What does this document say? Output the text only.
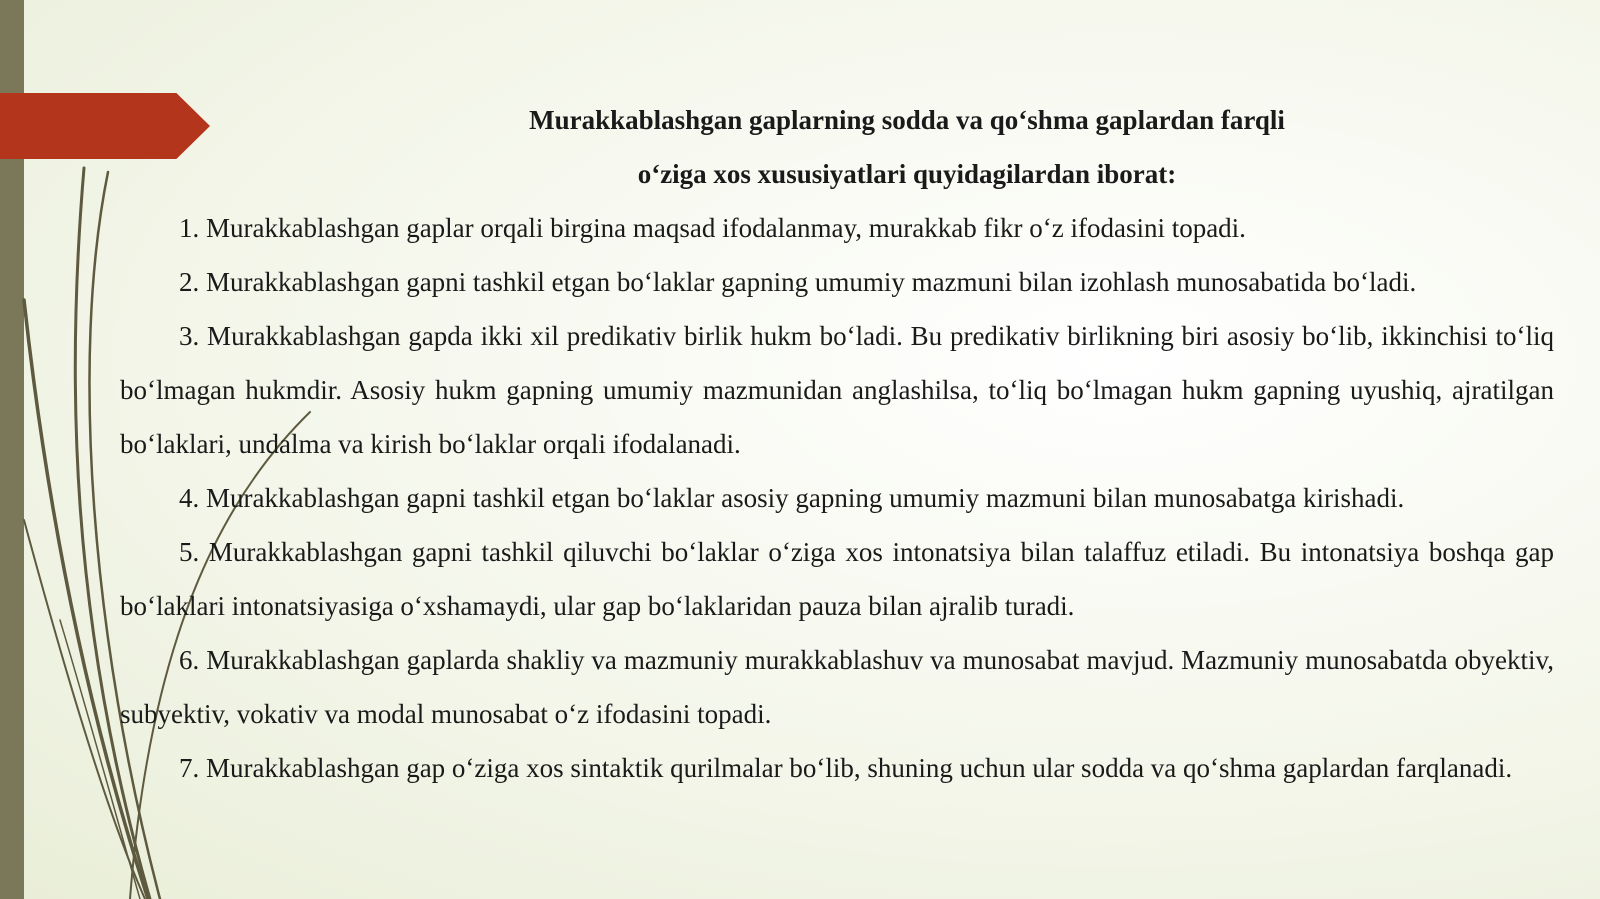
Murakkablashgan gaplarning sodda va qo‘shma gaplardan farqli

o‘ziga xos xususiyatlari quyidagilardan iborat:

1. Murakkablashgan gaplar orqali birgina maqsad ifodalanmay, murakkab fikr o‘z ifodasini topadi.

2. Murakkablashgan gapni tashkil etgan bo‘laklar gapning umumiy mazmuni bilan izohlash munosabatida bo‘ladi.

3. Murakkablashgan gapda ikki xil predikativ birlik hukm bo‘ladi. Bu predikativ birlikning biri asosiy bo‘lib, ikkinchisi to‘liq bo‘lmagan hukmdir. Asosiy hukm gapning umumiy mazmunidan anglashilsa, to‘liq bo‘lmagan hukm gapning uyushiq, ajratilgan bo‘laklari, undalma va kirish bo‘laklar orqali ifodalanadi.

4. Murakkablashgan gapni tashkil etgan bo‘laklar asosiy gapning umumiy mazmuni bilan munosabatga kirishadi.

5. Murakkablashgan gapni tashkil qiluvchi bo‘laklar o‘ziga xos intonatsiya bilan talaffuz etiladi. Bu intonatsiya boshqa gap bo‘laklari intonatsiyasiga o‘xshamaydi, ular gap bo‘laklaridan pauza bilan ajralib turadi.

6. Murakkablashgan gaplarda shakliy va mazmuniy murakkablashuv va munosabat mavjud. Mazmuniy munosabatda obyektiv, subyektiv, vokativ va modal munosabat o‘z ifodasini topadi.

7. Murakkablashgan gap o‘ziga xos sintaktik qurilmalar bo‘lib, shuning uchun ular sodda va qo‘shma gaplardan farqlanadi.
